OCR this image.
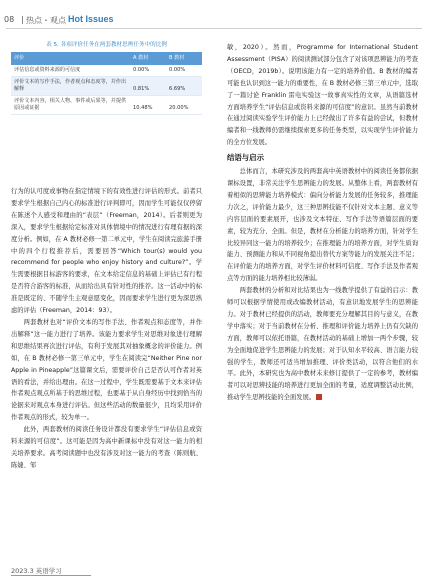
08 热点・观点 Hot Issues
表 5. 各项评价任务在两套教材思辨任务中的比例
评价	A 教材	B 教材
评估信息或资料来源的可信度	0.00%	0.00%
评价文本的写作手法，作者观点和态度等，并作出解释	0.81%	6.69%
评价文本内容，相关人物、事件或后果等，并提供原因或证据	10.48%	20.00%

行为的认可度或事物在指定情境下的有效性进行评估的形式。前者只要求学生根据自己内心的标准进行评判即可，因而学生可能仅仅停留在陈述个人感受和理由的“表层”（Freeman，2014）。后者则更为深入，要求学生根据给定标准对具体情境中的情况进行有理有据的深度分析。例如，在 A 教材必修一第二单元中，学生在阅读完旅游手册中的四个行程推荐后，需要回答“Which tour(s) would you recommend for people who enjoy history and culture?”。学生需要根据目标游客的要求，在文本给定信息的基础上评估已有行程是否符合游客的标准，从而给出具有针对性的推荐。这一活动中的标准是既定的、不随学生主观意愿变化，因而要求学生进行更为深思熟虑的评估（Freeman，2014：93）。

两套教材也对“评价文本的写作手法、作者观点和态度等，并作出解释”这一能力进行了培养。该能力要求学生对思维对象进行理解和思维结果再次进行评估，有利于发展其对抽象概念的评价能力。例如，在 B 教材必修一第三单元中，学生在阅读完“Neither Pine nor Apple in Pineapple”这篇课文后，需要评价自己是否认可作者对英语的看法，并给出理由。在这一过程中，学生既需要基于文本来评估作者观点观点所基于的思维过程，也要基于从自身经历中找到恰当的论据来对观点本身进行评估。但这些活动的数量很少，且均采用评价作者观点的形式，较为单一。

此外，两套教材的阅读任务设计都没有要求学生“评估信息或资料来源的可信度”。这可能是因为高中新课标中没有对这一能力的相关培养要求。高考阅读题中也没有涉及对这一能力的考查（陈则航、陈婕、邹

敏，2020）。然而，Programme for International Student Assessment（PISA）的阅读测试部分包含了对该项思辨能力的考查（OECD，2019b）。说明该能力有一定的培养价值。B 教材的编者可能也认识到这一能力的重要性，在 B 教材必修三第三单元中，选取了一篇讨论 Franklin 雷电实验这一故事真实性的文章，从语篇选材方面培养学生“评估信息或资料来源的可信度”的意识。虽然当前教材在通过阅读实验学生评价能力上已经做出了许多有益的尝试，但教材编者和一线教师仍需继续探索更多的任务类型，以实现学生评价能力的全方位发展。

结语与启示

总体而言，本研究涉及的两套高中英语教材中的阅读任务都依据课标设置，非常关注学生思辨能力的发展。从整体上看，两套教材有着相似的思辨能力培养模式：偏向分析能力发展的任务较多，推理能力次之，评价能力最少，这三种思辨技能不仅针对文本主题、意义等内容层面的要素展开，也涉及文本特征、写作手法等语篇层面的要素，较为充分、全面。但是，教材在分析能力的培养方面，针对学生比较异同这一能力的培养较少；在推理能力的培养方面，对学生质询能力、预测能力和从不同视角提出替代方案等能力的发展关注不足；在评价能力的培养方面，对学生评价材料可信度、写作手法及作者观点等方面的能力培养相比较薄弱。

两套教材的分析和对比结果也为一线教学提供了有益的启示：教师可以根据学情使用或改编教材活动，有意识地发展学生的思辨能力。对于教材已经提供的活动，教师要充分理解其目的与意义，在教学中落实；对于当前教材在分析、推理和评价能力培养上仍有欠缺的方面，教师可以依托语篇，在教材活动的基础上增加一两个步骤，较为全面地促进学生思辨能力的发展；对于认知水平较高、语言能力较强的学生，教师还可适当增加推理、评价类活动，以符合他们的水平。此外，本研究也为高中教材未来修订提供了一定的参考，教材编者可以对思辨技能的培养进行更加全面的考量，适度调整活动比例，推动学生思辨技能的全面发展。

2023.3 英语学习
